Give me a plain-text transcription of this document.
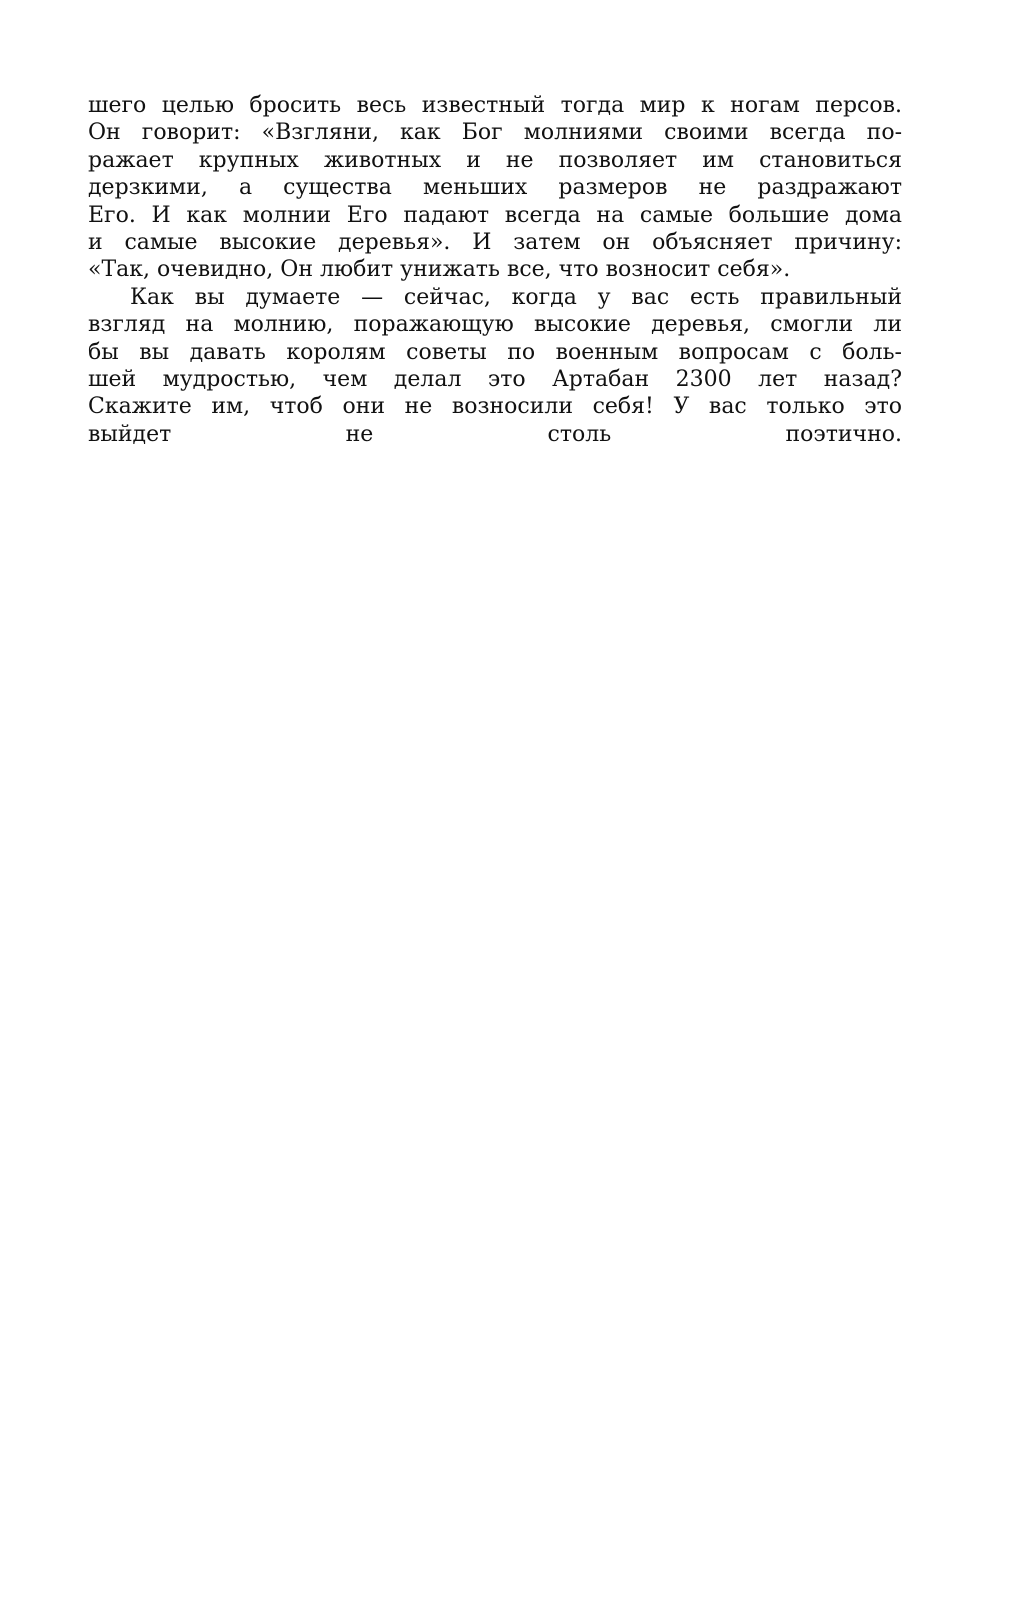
шего целью бросить весь известный тогда мир к ногам персов.
Он говорит: «Взгляни, как Бог молниями своими всегда по-
ражает крупных животных и не позволяет им становиться
дерзкими, а существа меньших размеров не раздражают
Его. И как молнии Его падают всегда на самые большие дома
и самые высокие деревья». И затем он объясняет причину:
«Так, очевидно, Он любит унижать все, что возносит себя».
Как вы думаете — сейчас, когда у вас есть правильный
взгляд на молнию, поражающую высокие деревья, смогли ли
бы вы давать королям советы по военным вопросам с боль-
шей мудростью, чем делал это Артабан 2300 лет назад?
Скажите им, чтоб они не возносили себя! У вас только это
выйдет не столь поэтично.
